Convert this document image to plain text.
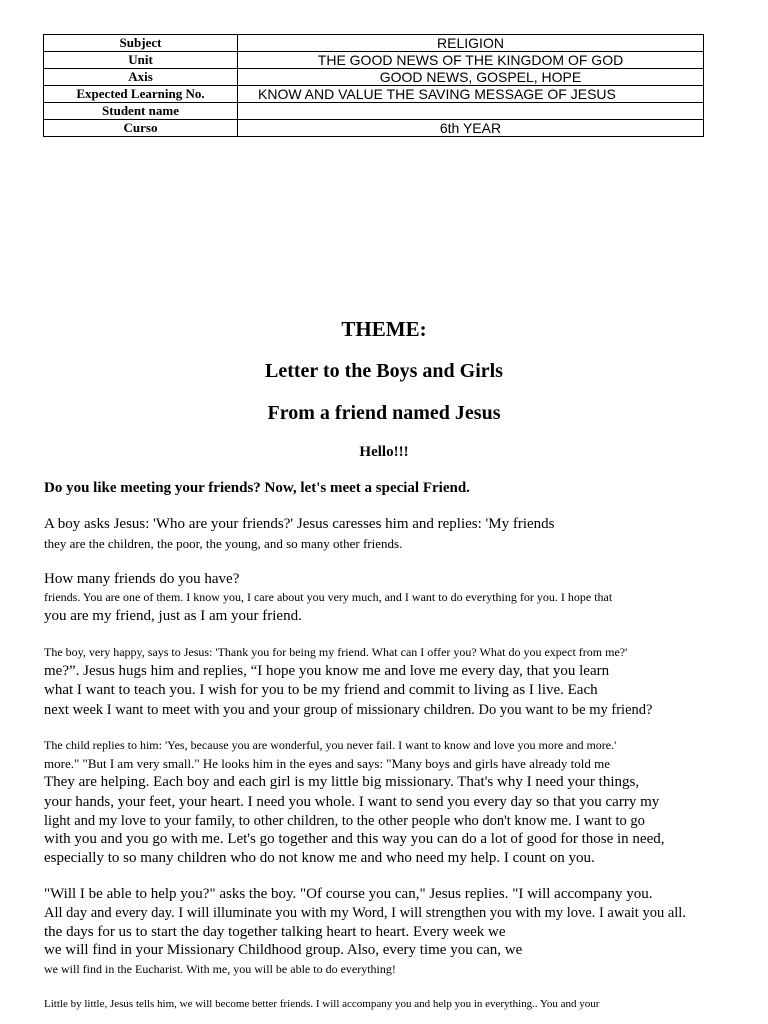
Subject	RELIGION
Unit	THE GOOD NEWS OF THE KINGDOM OF GOD
Axis	GOOD NEWS, GOSPEL, HOPE
Expected Learning No.	KNOW AND VALUE THE SAVING MESSAGE OF JESUS
Student name	
Curso	6th YEAR
THEME:
Letter to the Boys and Girls
From a friend named Jesus
Hello!!!
Do you like meeting your friends? Now, let's meet a special Friend.
A boy asks Jesus: 'Who are your friends?' Jesus caresses him and replies: 'My friends
they are the children, the poor, the young, and so many other friends.
How many friends do you have?
friends. You are one of them. I know you, I care about you very much, and I want to do everything for you. I hope that
you are my friend, just as I am your friend.
The boy, very happy, says to Jesus: 'Thank you for being my friend. What can I offer you? What do you expect from me?'
me?”. Jesus hugs him and replies, “I hope you know me and love me every day, that you learn
what I want to teach you. I wish for you to be my friend and commit to living as I live. Each
next week I want to meet with you and your group of missionary children. Do you want to be my friend?
The child replies to him: 'Yes, because you are wonderful, you never fail. I want to know and love you more and more.'
more." "But I am very small." He looks him in the eyes and says: "Many boys and girls have already told me
They are helping. Each boy and each girl is my little big missionary. That's why I need your things,
your hands, your feet, your heart. I need you whole. I want to send you every day so that you carry my
light and my love to your family, to other children, to the other people who don't know me. I want to go
with you and you go with me. Let's go together and this way you can do a lot of good for those in need,
especially to so many children who do not know me and who need my help. I count on you.
"Will I be able to help you?" asks the boy. "Of course you can," Jesus replies. "I will accompany you.
All day and every day. I will illuminate you with my Word, I will strengthen you with my love. I await you all.
the days for us to start the day together talking heart to heart. Every week we
we will find in your Missionary Childhood group. Also, every time you can, we
we will find in the Eucharist. With me, you will be able to do everything!
Little by little, Jesus tells him, we will become better friends. I will accompany you and help you in everything.. You and your
